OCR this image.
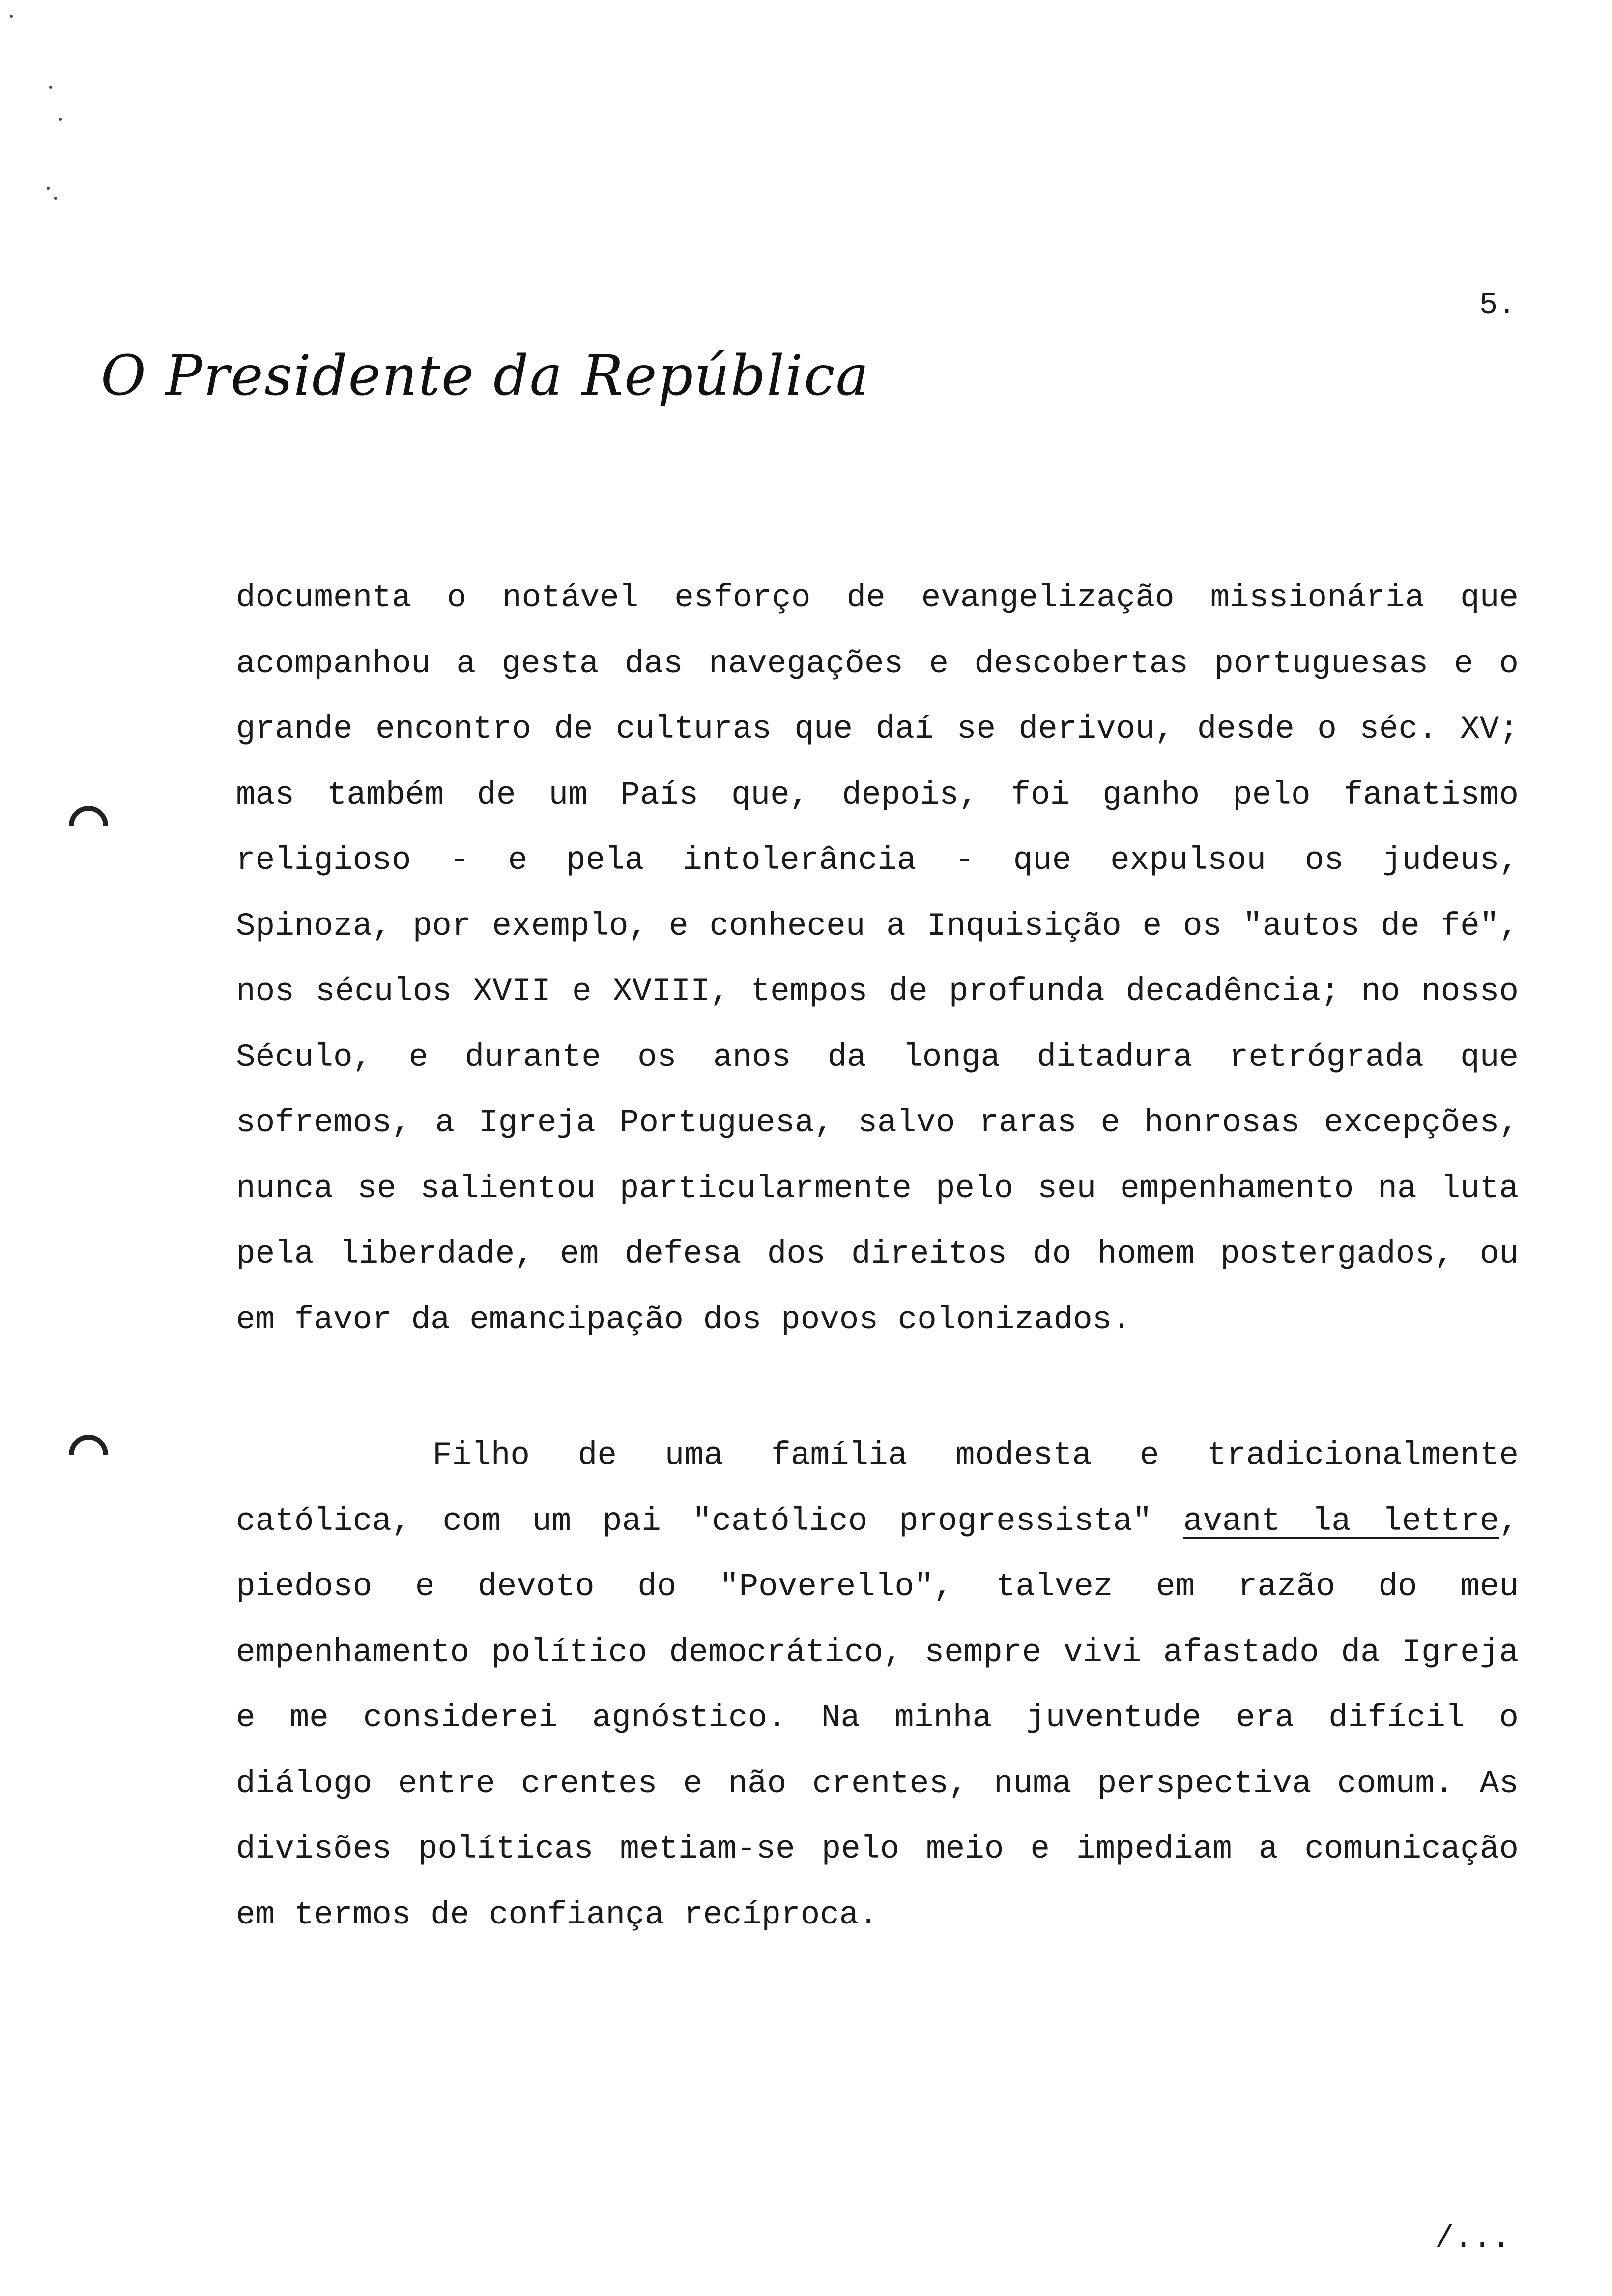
5.
O Presidente da República

documenta o notável esforço de evangelização missionária que acompanhou a gesta das navegações e descobertas portuguesas e o grande encontro de culturas que daí se derivou, desde o séc. XV; mas também de um País que, depois, foi ganho pelo fanatismo religioso - e pela intolerância - que expulsou os judeus, Spinoza, por exemplo, e conheceu a Inquisição e os "autos de fé", nos séculos XVII e XVIII, tempos de profunda decadência; no nosso Século, e durante os anos da longa ditadura retrógrada que sofremos, a Igreja Portuguesa, salvo raras e honrosas excepções, nunca se salientou particularmente pelo seu empenhamento na luta pela liberdade, em defesa dos direitos do homem postergados, ou em favor da emancipação dos povos colonizados.

Filho de uma família modesta e tradicionalmente católica, com um pai "católico progressista" avant la lettre, piedoso e devoto do "Poverello", talvez em razão do meu empenhamento político democrático, sempre vivi afastado da Igreja e me considerei agnóstico. Na minha juventude era difícil o diálogo entre crentes e não crentes, numa perspectiva comum. As divisões políticas metiam-se pelo meio e impediam a comunicação em termos de confiança recíproca.

/...
